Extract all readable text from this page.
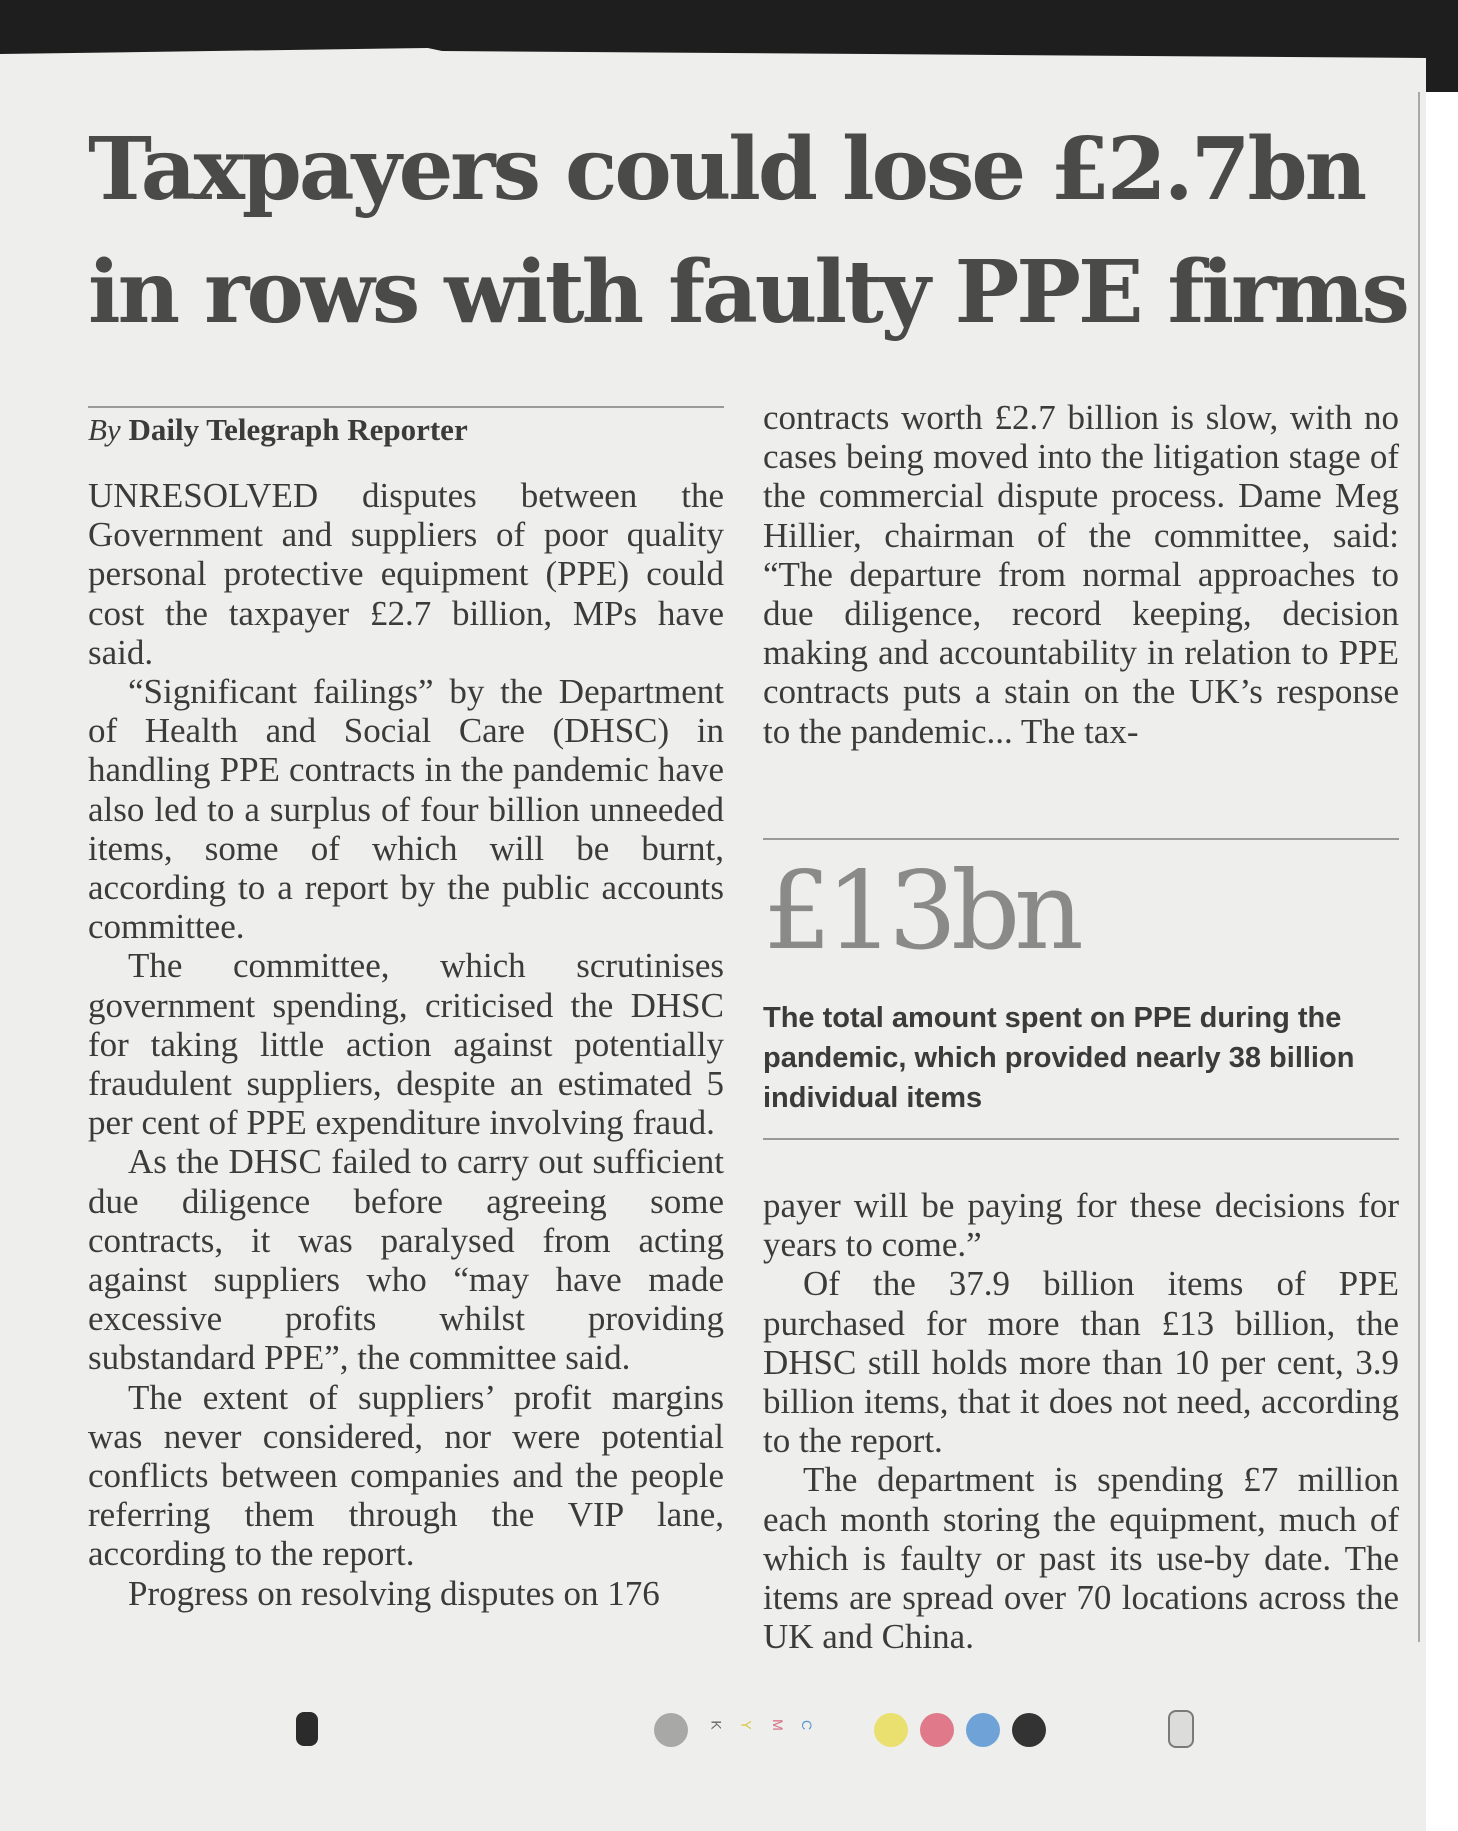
Taxpayers could lose £2.7bn
in rows with faulty PPE firms
By Daily Telegraph Reporter

UNRESOLVED disputes between the Government and suppliers of poor quality personal protective equipment (PPE) could cost the taxpayer £2.7 billion, MPs have said.

“Significant failings” by the Department of Health and Social Care (DHSC) in handling PPE contracts in the pandemic have also led to a surplus of four billion unneeded items, some of which will be burnt, according to a report by the public accounts committee.

The committee, which scrutinises government spending, criticised the DHSC for taking little action against potentially fraudulent suppliers, despite an estimated 5 per cent of PPE expenditure involving fraud.

As the DHSC failed to carry out sufficient due diligence before agreeing some contracts, it was paralysed from acting against suppliers who “may have made excessive profits whilst providing substandard PPE”, the committee said.

The extent of suppliers’ profit margins was never considered, nor were potential conflicts between companies and the people referring them through the VIP lane, according to the report.

Progress on resolving disputes on 176

contracts worth £2.7 billion is slow, with no cases being moved into the litigation stage of the commercial dispute process. Dame Meg Hillier, chairman of the committee, said: “The departure from normal approaches to due diligence, record keeping, decision making and accountability in relation to PPE contracts puts a stain on the UK’s response to the pandemic... The tax-

£13bn
The total amount spent on PPE during the pandemic, which provided nearly 38 billion individual items

payer will be paying for these decisions for years to come.”

Of the 37.9 billion items of PPE purchased for more than £13 billion, the DHSC still holds more than 10 per cent, 3.9 billion items, that it does not need, according to the report.

The department is spending £7 million each month storing the equipment, much of which is faulty or past its use-by date. The items are spread over 70 locations across the UK and China.

K Y M C
